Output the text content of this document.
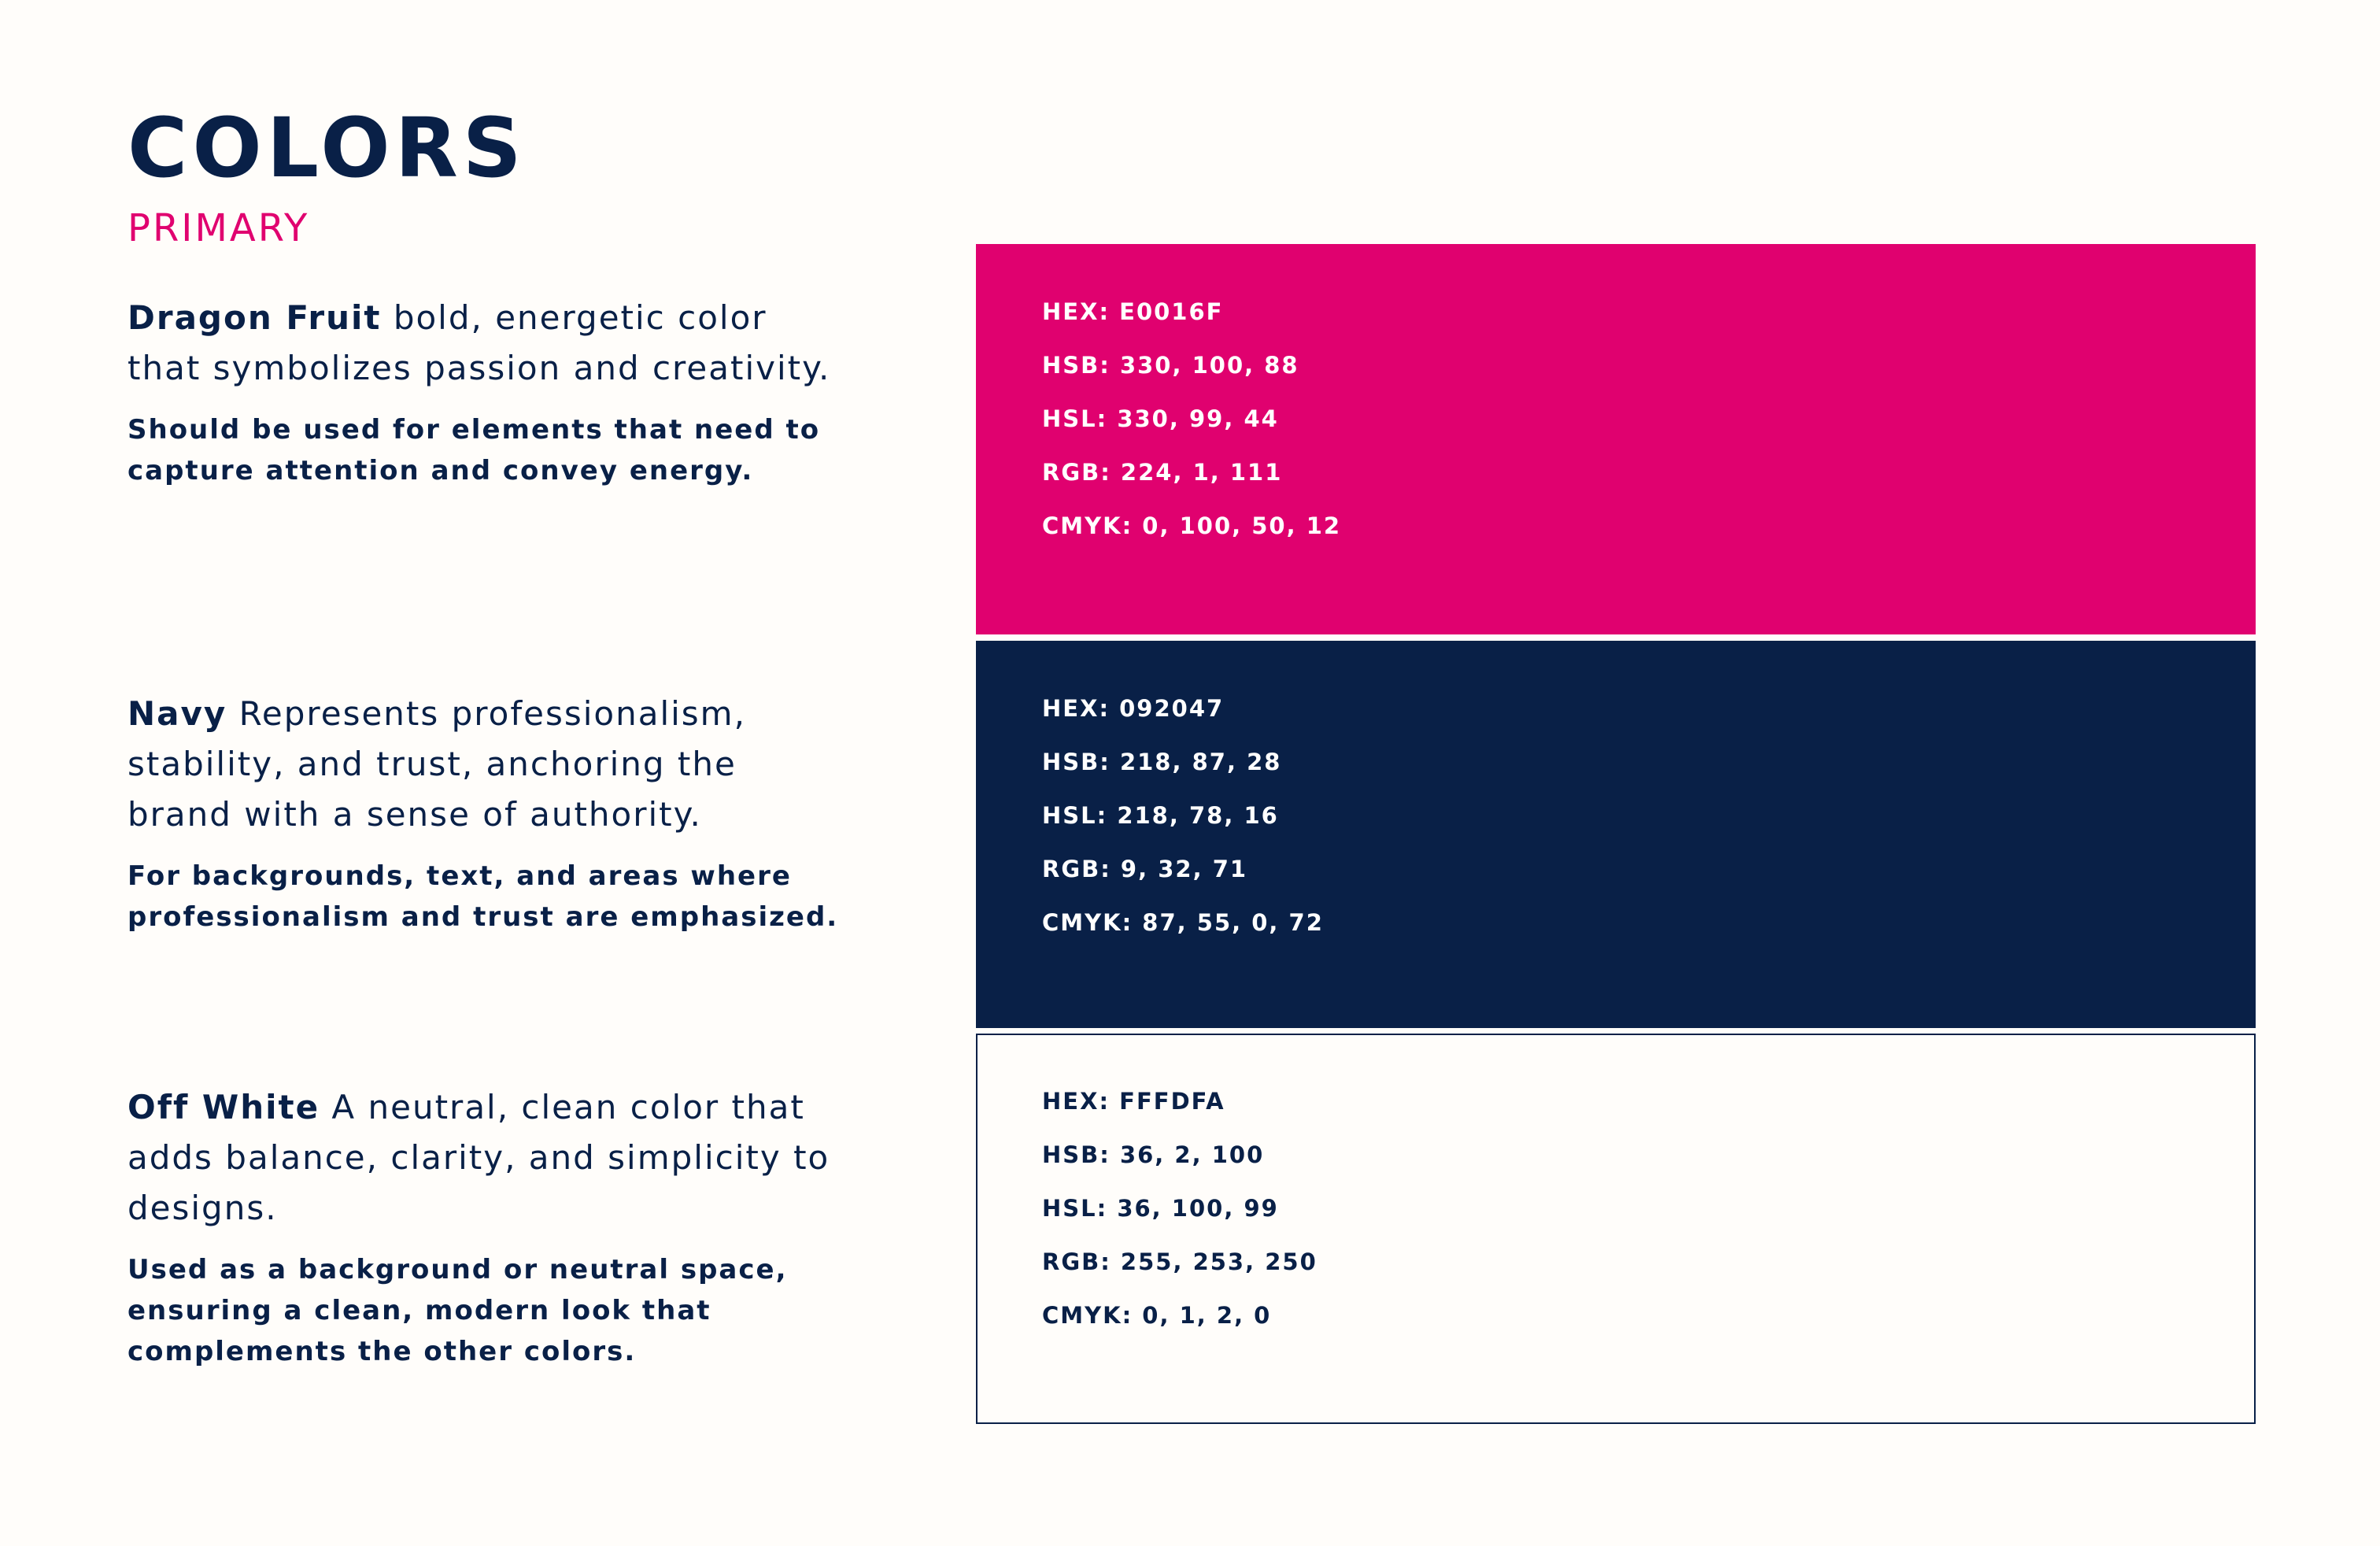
COLORS
PRIMARY

Dragon Fruit bold, energetic color that symbolizes passion and creativity.

Should be used for elements that need to capture attention and convey energy.

HEX: E0016F
HSB: 330, 100, 88
HSL: 330, 99, 44
RGB: 224, 1, 111
CMYK: 0, 100, 50, 12

Navy Represents professionalism, stability, and trust, anchoring the brand with a sense of authority.

For backgrounds, text, and areas where professionalism and trust are emphasized.

HEX: 092047
HSB: 218, 87, 28
HSL: 218, 78, 16
RGB: 9, 32, 71
CMYK: 87, 55, 0, 72

Off White A neutral, clean color that adds balance, clarity, and simplicity to designs.

Used as a background or neutral space, ensuring a clean, modern look that complements the other colors.

HEX: FFFDFA
HSB: 36, 2, 100
HSL: 36, 100, 99
RGB: 255, 253, 250
CMYK: 0, 1, 2, 0
